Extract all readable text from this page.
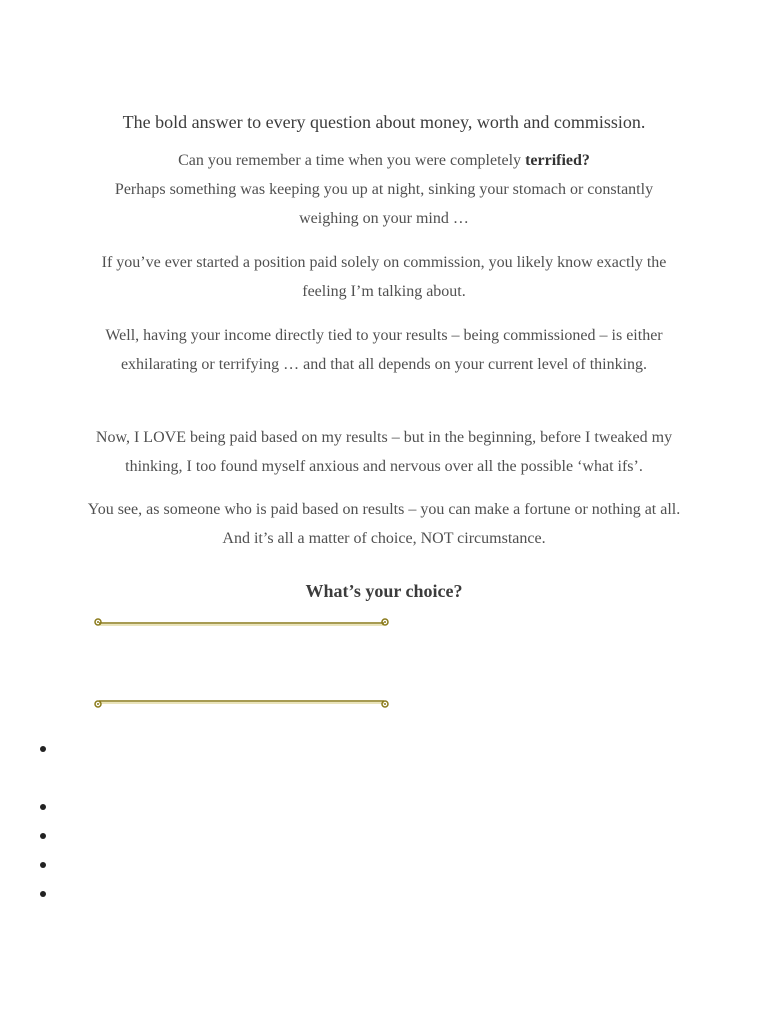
The bold answer to every question about money, worth and commission.
Can you remember a time when you were completely terrified?
Perhaps something was keeping you up at night, sinking your stomach or constantly weighing on your mind …
If you’ve ever started a position paid solely on commission, you likely know exactly the feeling I’m talking about.
Well, having your income directly tied to your results – being commissioned – is either exhilarating or terrifying … and that all depends on your current level of thinking.
Now, I LOVE being paid based on my results – but in the beginning, before I tweaked my thinking, I too found myself anxious and nervous over all the possible ‘what ifs’.
You see, as someone who is paid based on results – you can make a fortune or nothing at all. And it’s all a matter of choice, NOT circumstance.
What’s your choice?
